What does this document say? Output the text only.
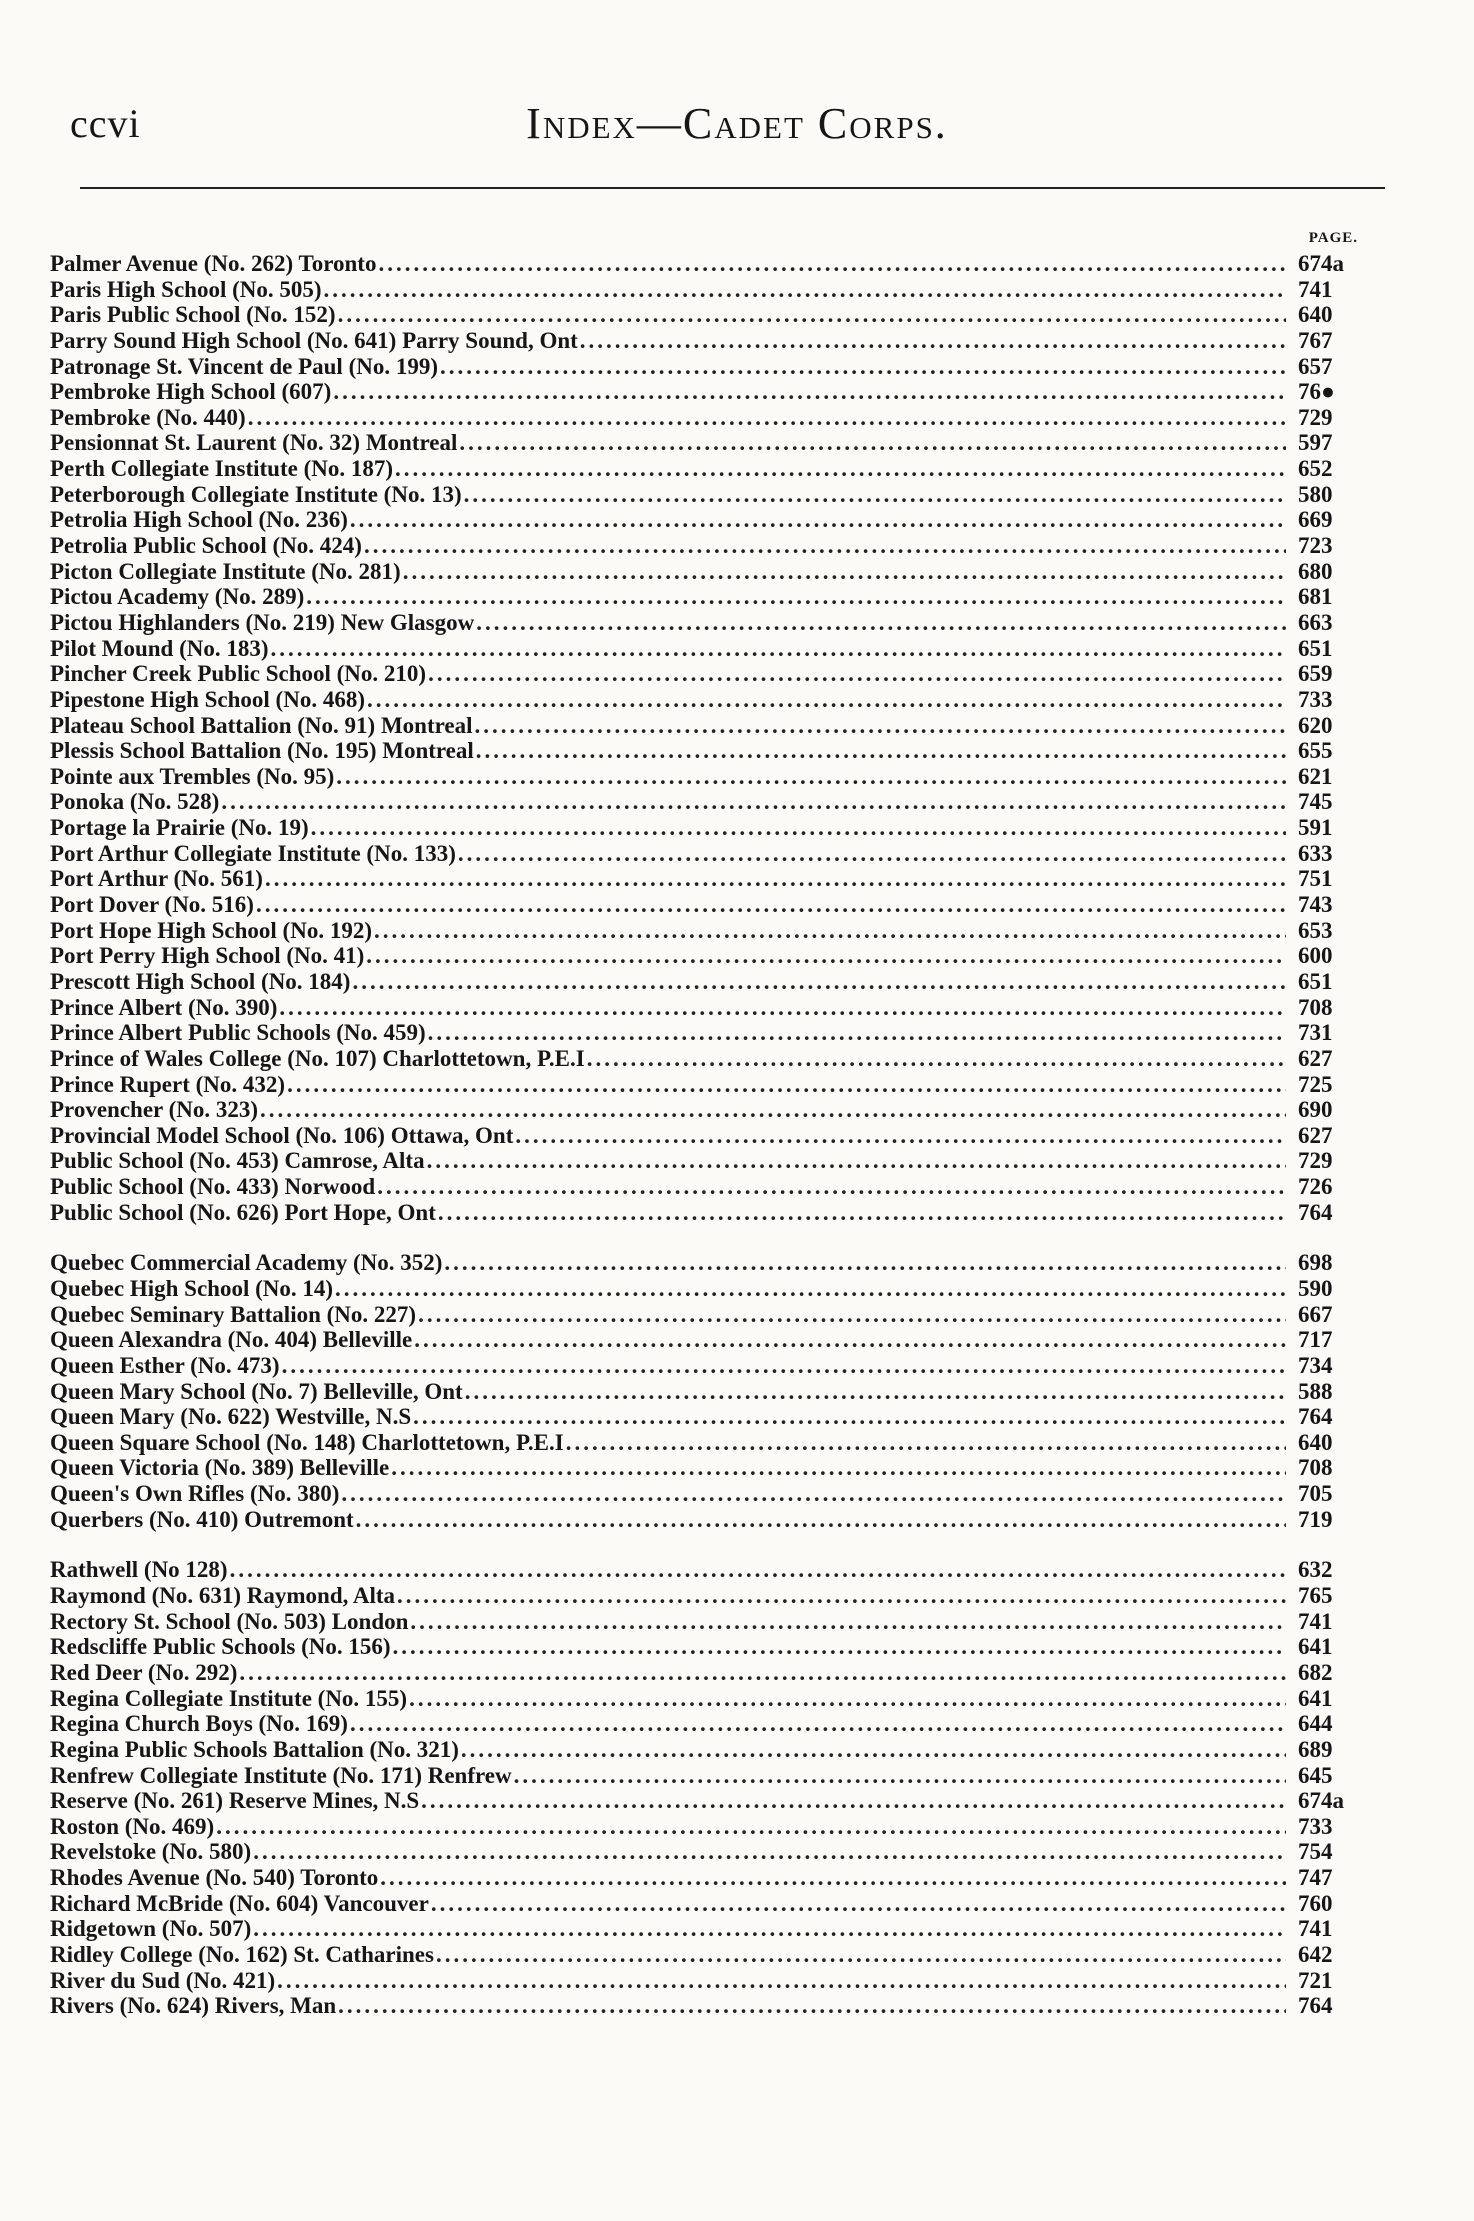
ccvi	Index—Cadet Corps.
PAGE.
Palmer Avenue (No. 262) Toronto .....	674a
Paris High School (No. 505) .....	741
Paris Public School (No. 152) .....	640
Parry Sound High School (No. 641) Parry Sound, Ont .....	767
Patronage St. Vincent de Paul (No. 199) .....	657
Pembroke High School (607) .....	76●
Pembroke (No. 440) .....	729
Pensionnat St. Laurent (No. 32) Montreal .....	597
Perth Collegiate Institute (No. 187) .....	652
Peterborough Collegiate Institute (No. 13) .....	580
Petrolia High School (No. 236) .....	669
Petrolia Public School (No. 424) .....	723
Picton Collegiate Institute (No. 281) .....	680
Pictou Academy (No. 289) .....	681
Pictou Highlanders (No. 219) New Glasgow .....	663
Pilot Mound (No. 183) .....	651
Pincher Creek Public School (No. 210) .....	659
Pipestone High School (No. 468) .....	733
Plateau School Battalion (No. 91) Montreal .....	620
Plessis School Battalion (No. 195) Montreal .....	655
Pointe aux Trembles (No. 95) .....	621
Ponoka (No. 528) .....	745
Portage la Prairie (No. 19) .....	591
Port Arthur Collegiate Institute (No. 133) .....	633
Port Arthur (No. 561) .....	751
Port Dover (No. 516) .....	743
Port Hope High School (No. 192) .....	653
Port Perry High School (No. 41) .....	600
Prescott High School (No. 184) .....	651
Prince Albert (No. 390) .....	708
Prince Albert Public Schools (No. 459) .....	731
Prince of Wales College (No. 107) Charlottetown, P.E.I .....	627
Prince Rupert (No. 432) .....	725
Provencher (No. 323) .....	690
Provincial Model School (No. 106) Ottawa, Ont .....	627
Public School (No. 453) Camrose, Alta .....	729
Public School (No. 433) Norwood .....	726
Public School (No. 626) Port Hope, Ont .....	764
Quebec Commercial Academy (No. 352) .....	698
Quebec High School (No. 14) .....	590
Quebec Seminary Battalion (No. 227) .....	667
Queen Alexandra (No. 404) Belleville .....	717
Queen Esther (No. 473) .....	734
Queen Mary School (No. 7) Belleville, Ont .....	588
Queen Mary (No. 622) Westville, N.S .....	764
Queen Square School (No. 148) Charlottetown, P.E.I .....	640
Queen Victoria (No. 389) Belleville .....	708
Queen's Own Rifles (No. 380) .....	705
Querbers (No. 410) Outremont .....	719
Rathwell (No 128) .....	632
Raymond (No. 631) Raymond, Alta .....	765
Rectory St. School (No. 503) London .....	741
Redscliffe Public Schools (No. 156) .....	641
Red Deer (No. 292) .....	682
Regina Collegiate Institute (No. 155) .....	641
Regina Church Boys (No. 169) .....	644
Regina Public Schools Battalion (No. 321) .....	689
Renfrew Collegiate Institute (No. 171) Renfrew .....	645
Reserve (No. 261) Reserve Mines, N.S .....	674a
Roston (No. 469) .....	733
Revelstoke (No. 580) .....	754
Rhodes Avenue (No. 540) Toronto .....	747
Richard McBride (No. 604) Vancouver .....	760
Ridgetown (No. 507) .....	741
Ridley College (No. 162) St. Catharines .....	642
River du Sud (No. 421) .....	721
Rivers (No. 624) Rivers, Man .....	764
